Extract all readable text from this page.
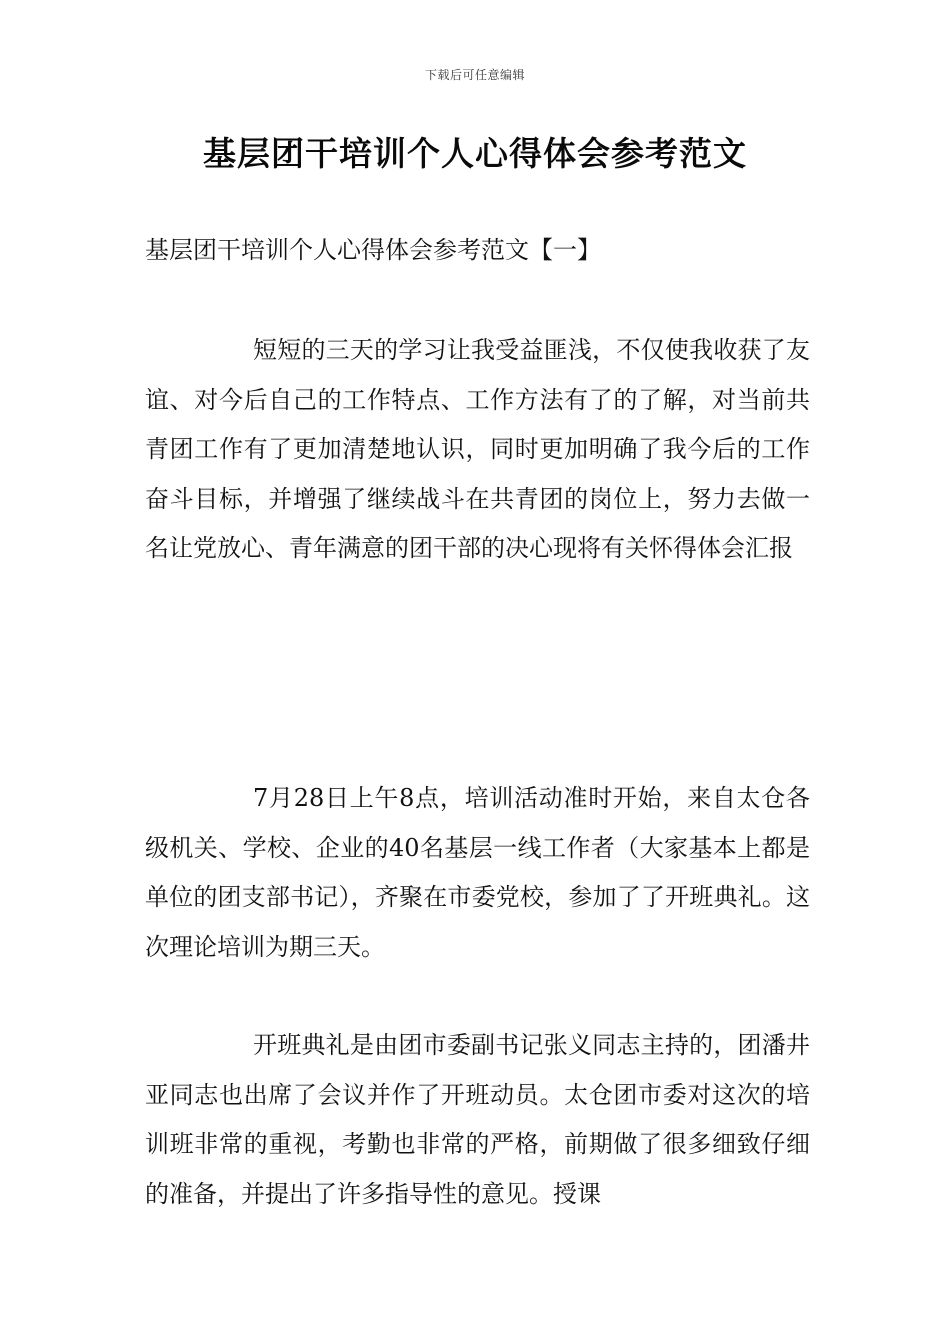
下载后可任意编辑
基层团干培训个人心得体会参考范文
基层团干培训个人心得体会参考范文【一】
短短的三天的学习让我受益匪浅，不仅使我收获了友谊、对今后自己的工作特点、工作方法有了的了解，对当前共青团工作有了更加清楚地认识，同时更加明确了我今后的工作奋斗目标，并增强了继续战斗在共青团的岗位上，努力去做一名让党放心、青年满意的团干部的决心现将有关怀得体会汇报
7月28日上午8点，培训活动准时开始，来自太仓各级机关、学校、企业的40名基层一线工作者（大家基本上都是单位的团支部书记），齐聚在市委党校，参加了了开班典礼。这次理论培训为期三天。
开班典礼是由团市委副书记张义同志主持的，团潘井亚同志也出席了会议并作了开班动员。太仓团市委对这次的培训班非常的重视，考勤也非常的严格，前期做了很多细致仔细的准备，并提出了许多指导性的意见。授课
